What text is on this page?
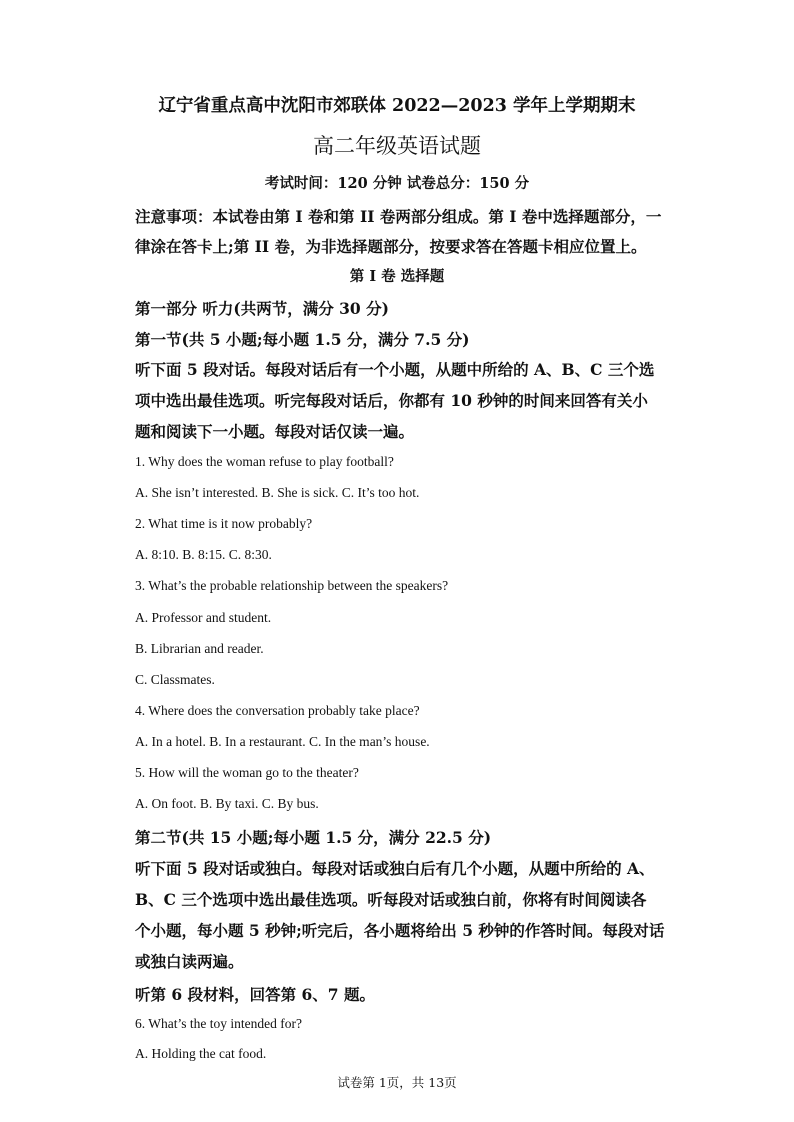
辽宁省重点高中沈阳市郊联体 2022—2023 学年上学期期末
高二年级英语试题
考试时间：120 分钟 试卷总分：150 分
注意事项：本试卷由第 I 卷和第 II 卷两部分组成。第 I 卷中选择题部分，一
律涂在答卡上;第 II 卷，为非选择题部分，按要求答在答题卡相应位置上。
第 I 卷 选择题
第一部分 听力(共两节，满分 30 分)
第一节(共 5 小题;每小题 1.5 分，满分 7.5 分)
听下面 5 段对话。每段对话后有一个小题，从题中所给的 A、B、C 三个选
项中选出最佳选项。听完每段对话后，你都有 10 秒钟的时间来回答有关小
题和阅读下一小题。每段对话仅读一遍。
1. Why does the woman refuse to play football?
A. She isn’t interested. B. She is sick. C. It’s too hot.
2. What time is it now probably?
A. 8:10. B. 8:15. C. 8:30.
3. What’s the probable relationship between the speakers?
A. Professor and student.
B. Librarian and reader.
C. Classmates.
4. Where does the conversation probably take place?
A. In a hotel. B. In a restaurant. C. In the man’s house.
5. How will the woman go to the theater?
A. On foot. B. By taxi. C. By bus.
第二节(共 15 小题;每小题 1.5 分，满分 22.5 分)
听下面 5 段对话或独白。每段对话或独白后有几个小题，从题中所给的 A、
B、C 三个选项中选出最佳选项。听每段对话或独白前，你将有时间阅读各
个小题，每小题 5 秒钟;听完后，各小题将给出 5 秒钟的作答时间。每段对话
或独白读两遍。
听第 6 段材料，回答第 6、7 题。
6. What’s the toy intended for?
A. Holding the cat food.
试卷第 1页，共 13页
